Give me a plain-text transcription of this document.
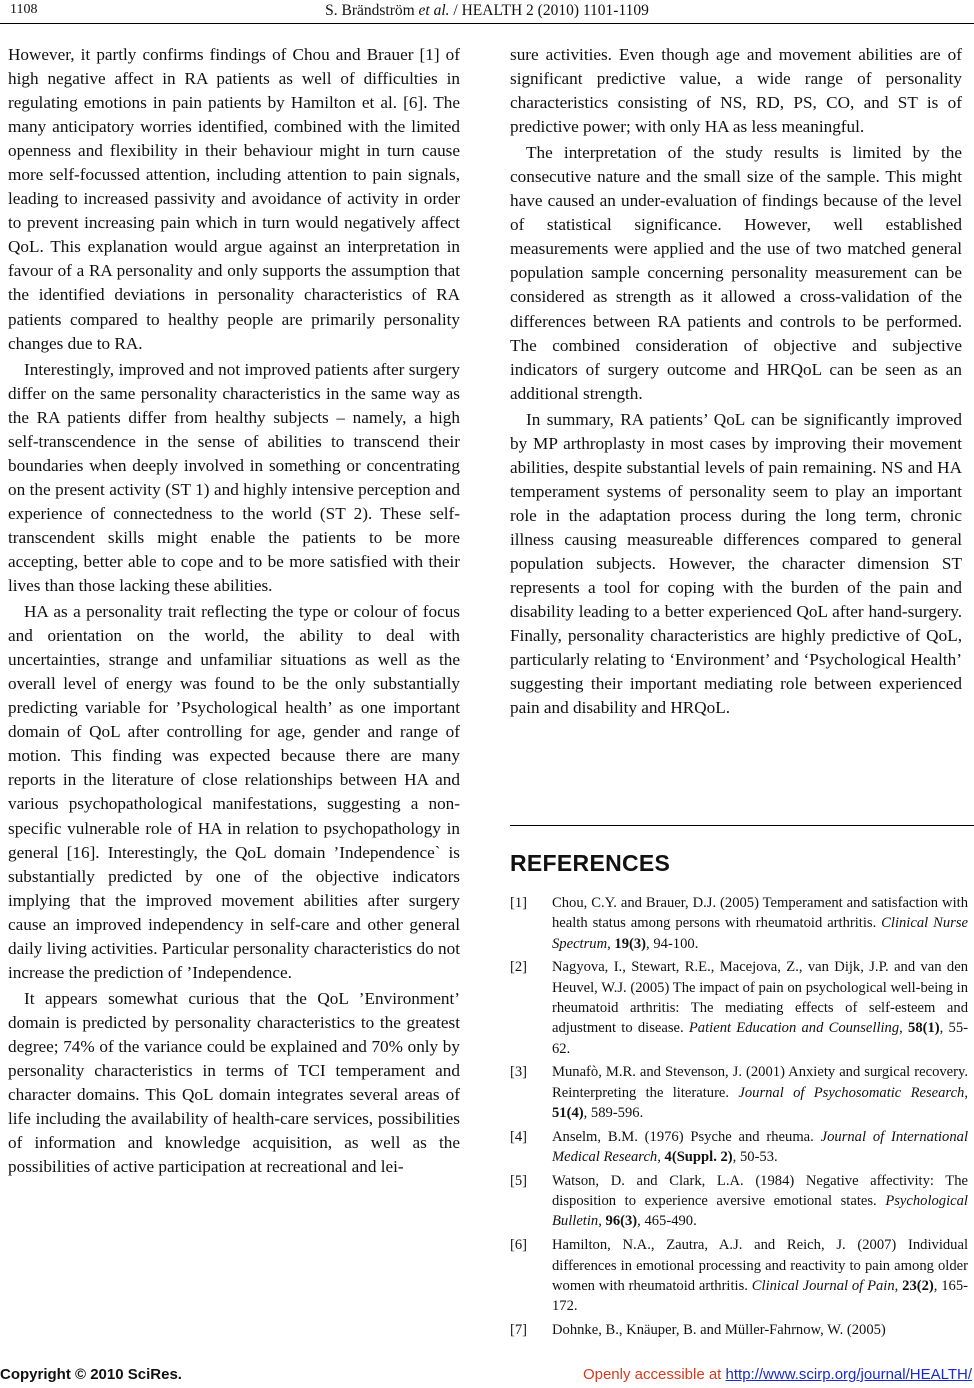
1108	S. Brändström et al. / HEALTH 2 (2010) 1101-1109

However, it partly confirms findings of Chou and Brauer [1] of high negative affect in RA patients as well of difficulties in regulating emotions in pain patients by Hamilton et al. [6]. The many anticipatory worries identified, combined with the limited openness and flexibility in their behaviour might in turn cause more self-focussed attention, including attention to pain signals, leading to increased passivity and avoidance of activity in order to prevent increasing pain which in turn would negatively affect QoL. This explanation would argue against an interpretation in favour of a RA personality and only supports the assumption that the identified deviations in personality characteristics of RA patients compared to healthy people are primarily personality changes due to RA.

Interestingly, improved and not improved patients after surgery differ on the same personality characteristics in the same way as the RA patients differ from healthy subjects – namely, a high self-transcendence in the sense of abilities to transcend their boundaries when deeply involved in something or concentrating on the present activity (ST 1) and highly intensive perception and experience of connectedness to the world (ST 2). These self-transcendent skills might enable the patients to be more accepting, better able to cope and to be more satisfied with their lives than those lacking these abilities.

HA as a personality trait reflecting the type or colour of focus and orientation on the world, the ability to deal with uncertainties, strange and unfamiliar situations as well as the overall level of energy was found to be the only substantially predicting variable for ’Psychological health’ as one important domain of QoL after controlling for age, gender and range of motion. This finding was expected because there are many reports in the literature of close relationships between HA and various psychopathological manifestations, suggesting a non-specific vulnerable role of HA in relation to psychopathology in general [16]. Interestingly, the QoL domain ’Independence` is substantially predicted by one of the objective indicators implying that the improved movement abilities after surgery cause an improved independency in self-care and other general daily living activities. Particular personality characteristics do not increase the prediction of ’Independence.

It appears somewhat curious that the QoL ’Environment’ domain is predicted by personality characteristics to the greatest degree; 74% of the variance could be explained and 70% only by personality characteristics in terms of TCI temperament and character domains. This QoL domain integrates several areas of life including the availability of health-care services, possibilities of information and knowledge acquisition, as well as the possibilities of active participation at recreational and lei-

sure activities. Even though age and movement abilities are of significant predictive value, a wide range of personality characteristics consisting of NS, RD, PS, CO, and ST is of predictive power; with only HA as less meaningful.

The interpretation of the study results is limited by the consecutive nature and the small size of the sample. This might have caused an under-evaluation of findings because of the level of statistical significance. However, well established measurements were applied and the use of two matched general population sample concerning personality measurement can be considered as strength as it allowed a cross-validation of the differences between RA patients and controls to be performed. The combined consideration of objective and subjective indicators of surgery outcome and HRQoL can be seen as an additional strength.

In summary, RA patients’ QoL can be significantly improved by MP arthroplasty in most cases by improving their movement abilities, despite substantial levels of pain remaining. NS and HA temperament systems of personality seem to play an important role in the adaptation process during the long term, chronic illness causing measureable differences compared to general population subjects. However, the character dimension ST represents a tool for coping with the burden of the pain and disability leading to a better experienced QoL after hand-surgery. Finally, personality characteristics are highly predictive of QoL, particularly relating to ‘Environment’ and ‘Psychological Health’ suggesting their important mediating role between experienced pain and disability and HRQoL.

REFERENCES
[1]	Chou, C.Y. and Brauer, D.J. (2005) Temperament and satisfaction with health status among persons with rheumatoid arthritis. Clinical Nurse Spectrum, 19(3), 94-100.
[2]	Nagyova, I., Stewart, R.E., Macejova, Z., van Dijk, J.P. and van den Heuvel, W.J. (2005) The impact of pain on psychological well-being in rheumatoid arthritis: The mediating effects of self-esteem and adjustment to disease. Patient Education and Counselling, 58(1), 55-62.
[3]	Munafò, M.R. and Stevenson, J. (2001) Anxiety and surgical recovery. Reinterpreting the literature. Journal of Psychosomatic Research, 51(4), 589-596.
[4]	Anselm, B.M. (1976) Psyche and rheuma. Journal of International Medical Research, 4(Suppl. 2), 50-53.
[5]	Watson, D. and Clark, L.A. (1984) Negative affectivity: The disposition to experience aversive emotional states. Psychological Bulletin, 96(3), 465-490.
[6]	Hamilton, N.A., Zautra, A.J. and Reich, J. (2007) Individual differences in emotional processing and reactivity to pain among older women with rheumatoid arthritis. Clinical Journal of Pain, 23(2), 165-172.
[7]	Dohnke, B., Knäuper, B. and Müller-Fahrnow, W. (2005)
Copyright © 2010 SciRes.	Openly accessible at http://www.scirp.org/journal/HEALTH/
